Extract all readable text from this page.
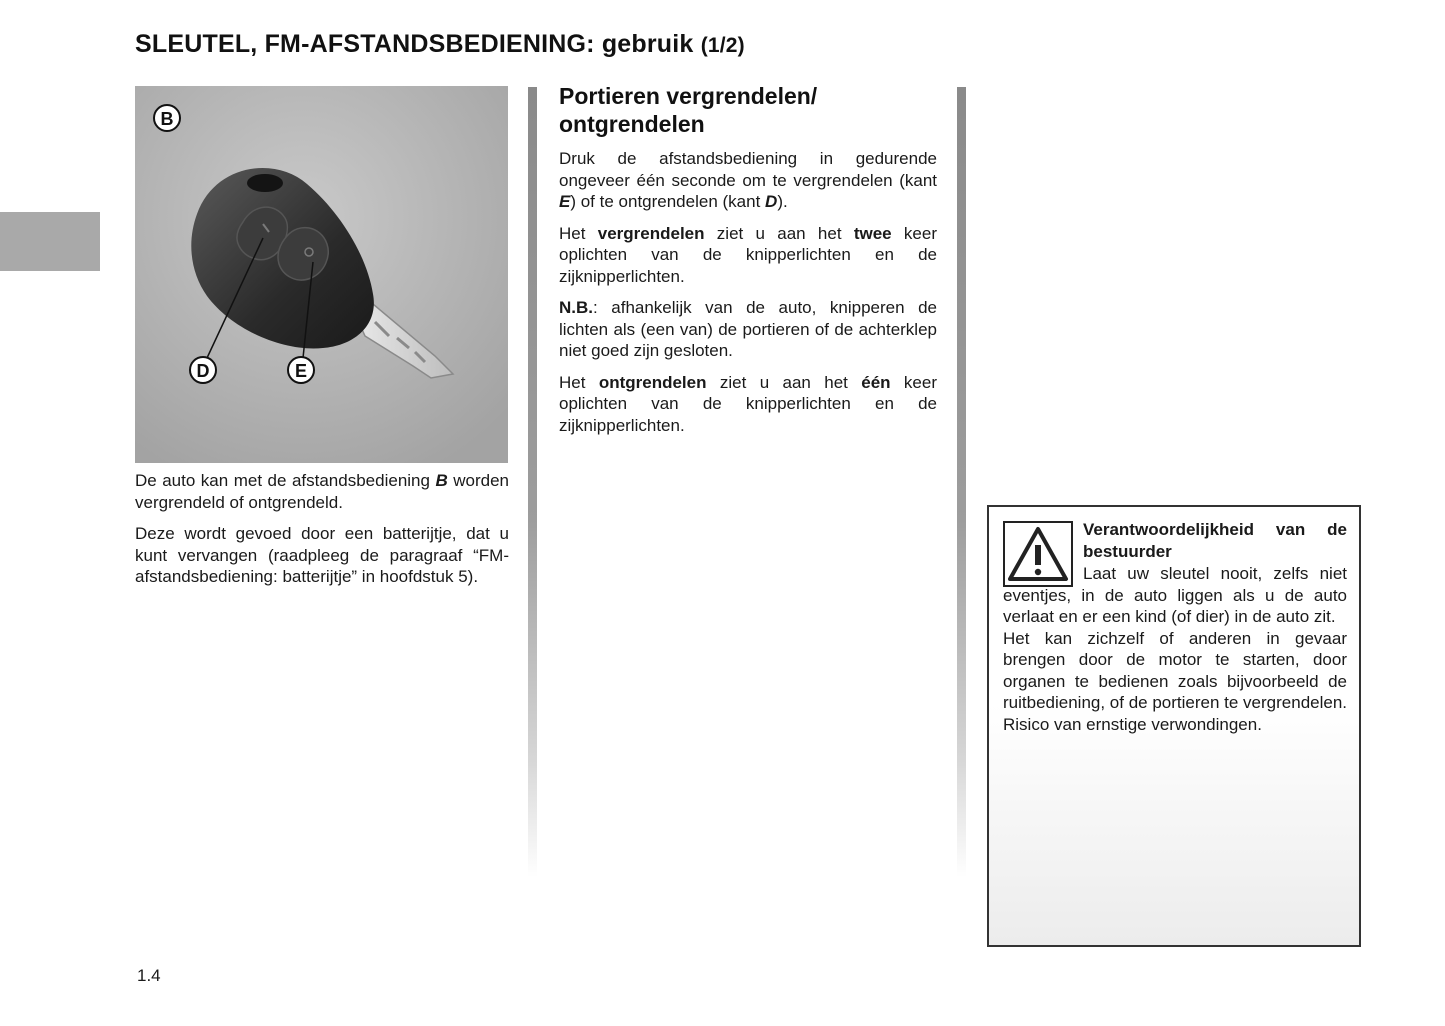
SLEUTEL, FM-AFSTANDSBEDIENING: gebruik (1/2)
B
D	E

De auto kan met de afstandsbediening B worden vergrendeld of ontgrendeld.

Deze wordt gevoed door een batterijtje, dat u kunt vervangen (raadpleeg de paragraaf “FM-afstandsbediening: batterijtje” in hoofdstuk 5).

Portieren vergrendelen/ ontgrendelen

Druk de afstandsbediening in gedurende ongeveer één seconde om te vergrendelen (kant E) of te ontgrendelen (kant D).

Het vergrendelen ziet u aan het twee keer oplichten van de knipperlichten en de zijknipperlichten.

N.B.: afhankelijk van de auto, knipperen de lichten als (een van) de portieren of de achterklep niet goed zijn gesloten.

Het ontgrendelen ziet u aan het één keer oplichten van de knipperlichten en de zijknipperlichten.

Verantwoordelijkheid van de bestuurder

Laat uw sleutel nooit, zelfs niet eventjes, in de auto liggen als u de auto verlaat en er een kind (of dier) in de auto zit.

Het kan zichzelf of anderen in gevaar brengen door de motor te starten, door organen te bedienen zoals bijvoorbeeld de ruitbediening, of de portieren te vergrendelen.

Risico van ernstige verwondingen.

1.4
